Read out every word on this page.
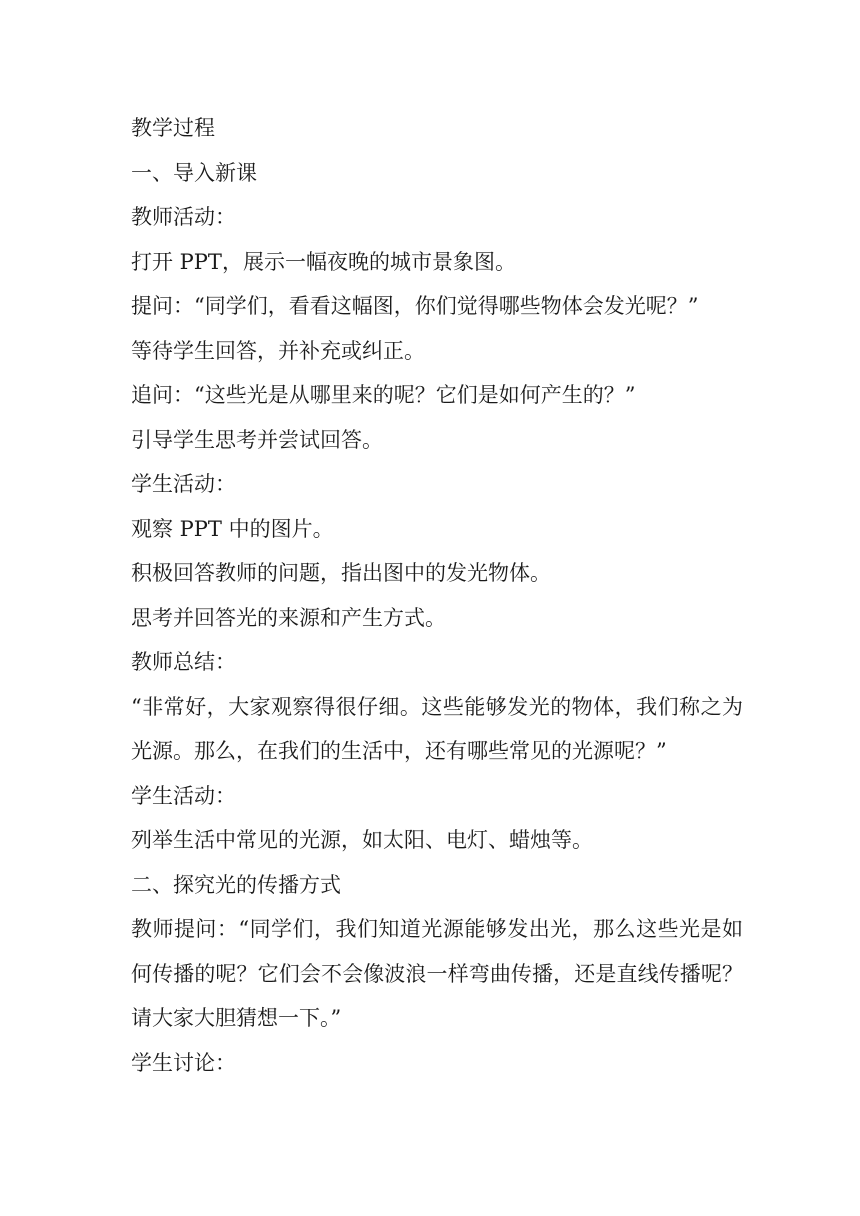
教学过程

一、导入新课

教师活动：

打开 PPT，展示一幅夜晚的城市景象图。

提问：“同学们，看看这幅图，你们觉得哪些物体会发光呢？”

等待学生回答，并补充或纠正。

追问：“这些光是从哪里来的呢？它们是如何产生的？”

引导学生思考并尝试回答。

学生活动：

观察 PPT 中的图片。

积极回答教师的问题，指出图中的发光物体。

思考并回答光的来源和产生方式。

教师总结：

“非常好，大家观察得很仔细。这些能够发光的物体，我们称之为光源。那么，在我们的生活中，还有哪些常见的光源呢？”

学生活动：

列举生活中常见的光源，如太阳、电灯、蜡烛等。

二、探究光的传播方式

教师提问：“同学们，我们知道光源能够发出光，那么这些光是如何传播的呢？它们会不会像波浪一样弯曲传播，还是直线传播呢？请大家大胆猜想一下。”

学生讨论：
